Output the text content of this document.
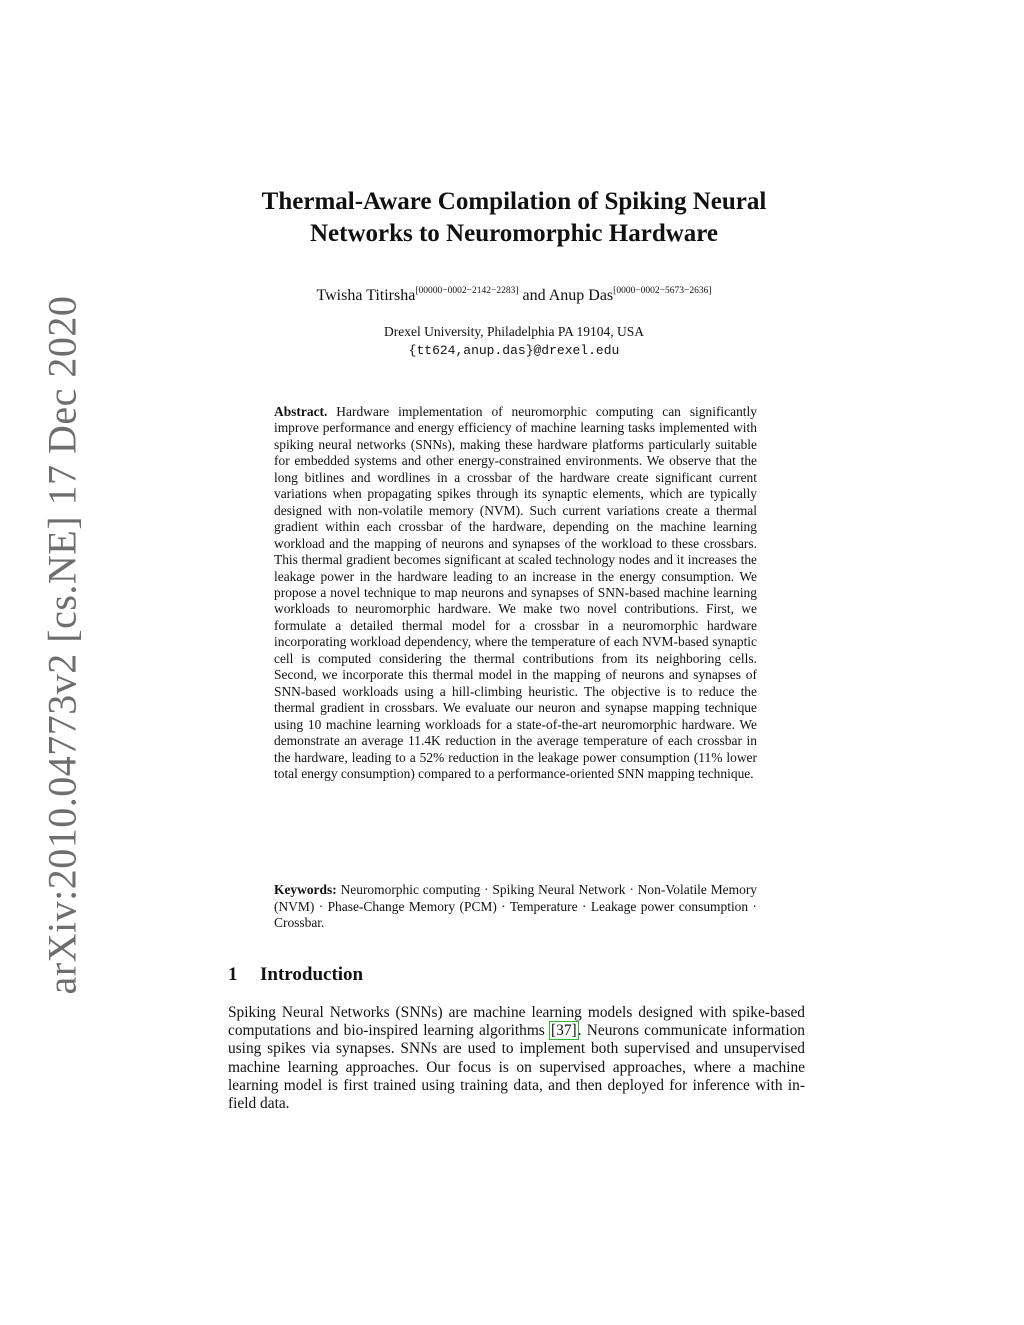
arXiv:2010.04773v2 [cs.NE] 17 Dec 2020
Thermal-Aware Compilation of Spiking Neural
Networks to Neuromorphic Hardware
Twisha Titirsha[00000−0002−2142−2283] and Anup Das[0000−0002−5673−2636]
Drexel University, Philadelphia PA 19104, USA
{tt624,anup.das}@drexel.edu
Abstract. Hardware implementation of neuromorphic computing can significantly improve performance and energy efficiency of machine learning tasks implemented with spiking neural networks (SNNs), making these hardware platforms particularly suitable for embedded systems and other energy-constrained environments. We observe that the long bitlines and wordlines in a crossbar of the hardware create significant current variations when propagating spikes through its synaptic elements, which are typically designed with non-volatile memory (NVM). Such current variations create a thermal gradient within each crossbar of the hardware, depending on the machine learning workload and the mapping of neurons and synapses of the workload to these crossbars. This thermal gradient becomes significant at scaled technology nodes and it increases the leakage power in the hardware leading to an increase in the energy consumption. We propose a novel technique to map neurons and synapses of SNN-based machine learning workloads to neuromorphic hardware. We make two novel contributions. First, we formulate a detailed thermal model for a crossbar in a neuromorphic hardware incorporating workload dependency, where the temperature of each NVM-based synaptic cell is computed considering the thermal contributions from its neighboring cells. Second, we incorporate this thermal model in the mapping of neurons and synapses of SNN-based workloads using a hill-climbing heuristic. The objective is to reduce the thermal gradient in crossbars. We evaluate our neuron and synapse mapping technique using 10 machine learning workloads for a state-of-the-art neuromorphic hardware. We demonstrate an average 11.4K reduction in the average temperature of each crossbar in the hardware, leading to a 52% reduction in the leakage power consumption (11% lower total energy consumption) compared to a performance-oriented SNN mapping technique.
Keywords: Neuromorphic computing · Spiking Neural Network · Non-Volatile Memory (NVM) · Phase-Change Memory (PCM) · Temperature · Leakage power consumption · Crossbar.
1 Introduction
Spiking Neural Networks (SNNs) are machine learning models designed with spike-based computations and bio-inspired learning algorithms [37]. Neurons communicate information using spikes via synapses. SNNs are used to implement both supervised and unsupervised machine learning approaches. Our focus is on supervised approaches, where a machine learning model is first trained using training data, and then deployed for inference with in-field data.
